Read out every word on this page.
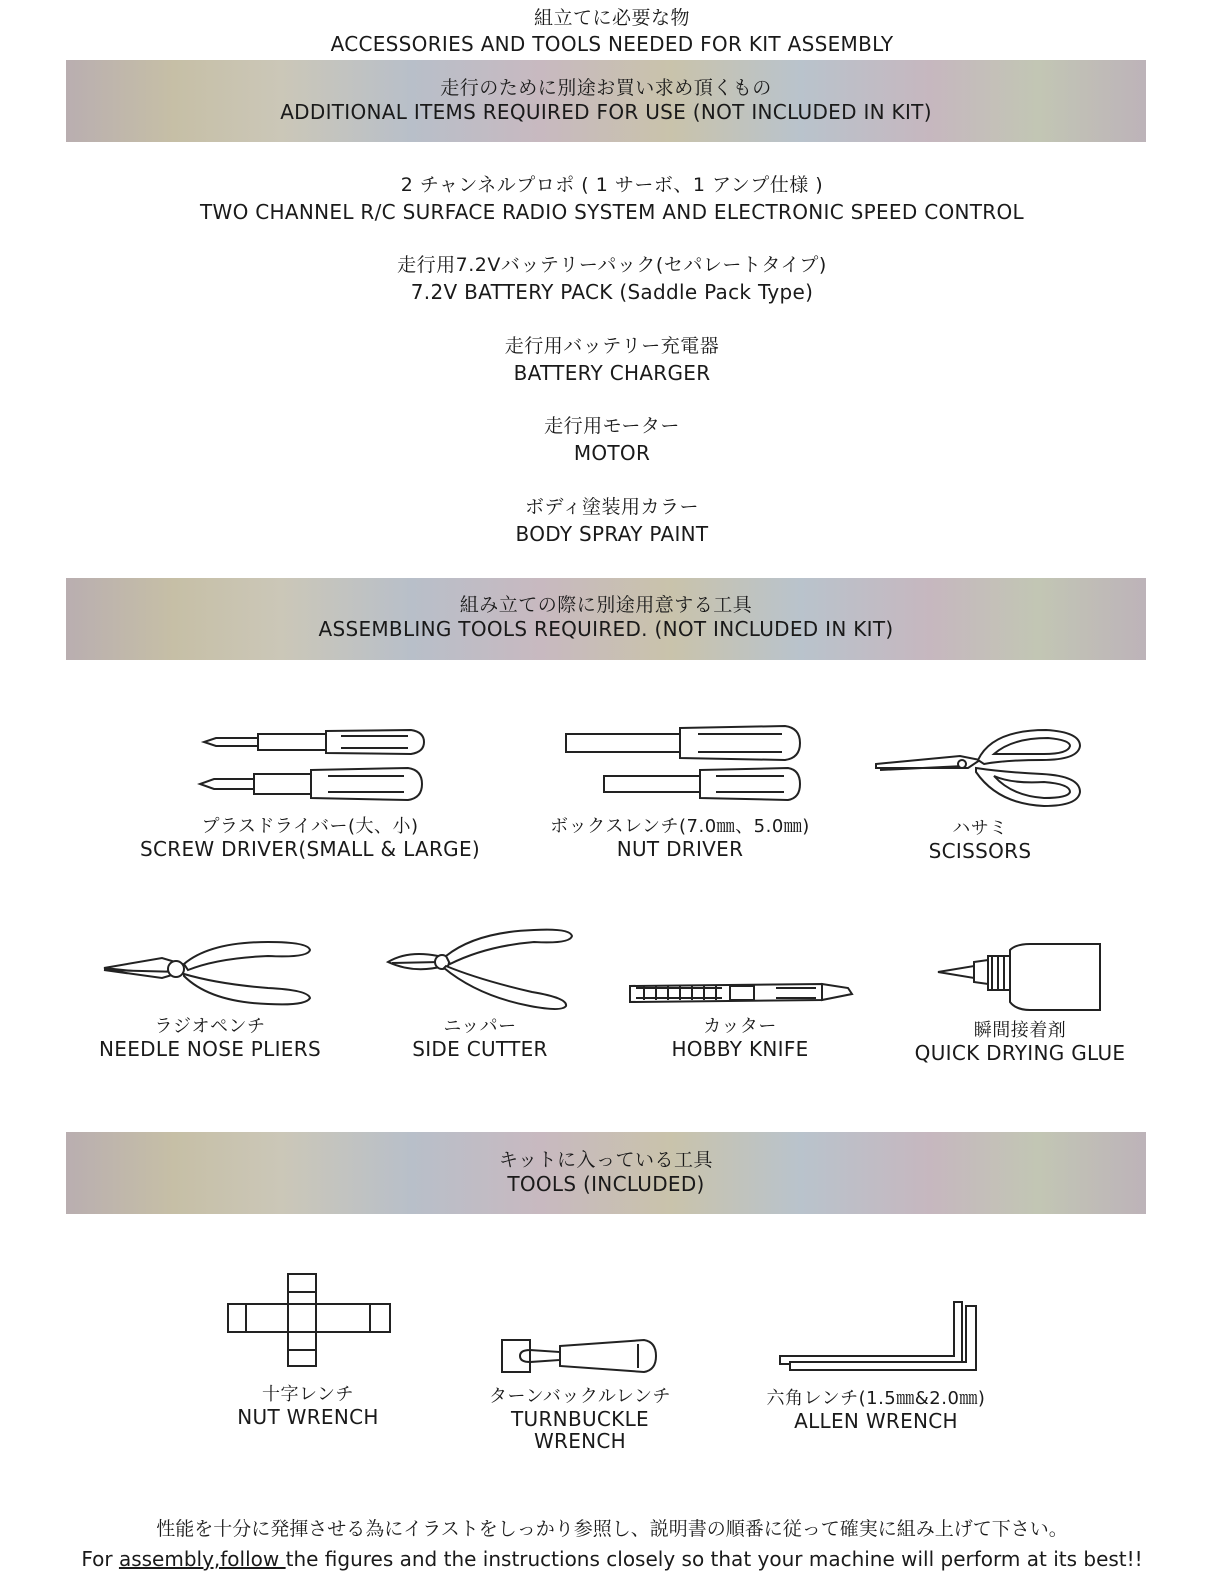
組立てに必要な物
ACCESSORIES AND TOOLS NEEDED FOR KIT ASSEMBLY
走行のために別途お買い求め頂くもの
ADDITIONAL ITEMS REQUIRED FOR USE (NOT INCLUDED IN KIT)
2 チャンネルプロポ ( 1 サーボ、1 アンプ仕様 )
TWO CHANNEL R/C SURFACE RADIO SYSTEM AND ELECTRONIC SPEED CONTROL
走行用7.2Vバッテリーパック(セパレートタイプ)
7.2V BATTERY PACK (Saddle Pack Type)
走行用バッテリー充電器
BATTERY CHARGER
走行用モーター
MOTOR
ボディ塗装用カラー
BODY SPRAY PAINT
組み立ての際に別途用意する工具
ASSEMBLING TOOLS REQUIRED. (NOT INCLUDED IN KIT)
プラスドライバー(大、小)
SCREW DRIVER(SMALL & LARGE)
ボックスレンチ(7.0㎜、5.0㎜)
NUT DRIVER
ハサミ
SCISSORS
ラジオペンチ
NEEDLE NOSE PLIERS
ニッパー
SIDE CUTTER
カッター
HOBBY KNIFE
瞬間接着剤
QUICK DRYING GLUE
キットに入っている工具
TOOLS (INCLUDED)
十字レンチ
NUT WRENCH
ターンバックルレンチ
TURNBUCKLE
WRENCH
六角レンチ(1.5㎜&2.0㎜)
ALLEN WRENCH
性能を十分に発揮させる為にイラストをしっかり参照し、説明書の順番に従って確実に組み上げて下さい。
For assembly,follow the figures and the instructions closely so that your machine will perform at its best!!
